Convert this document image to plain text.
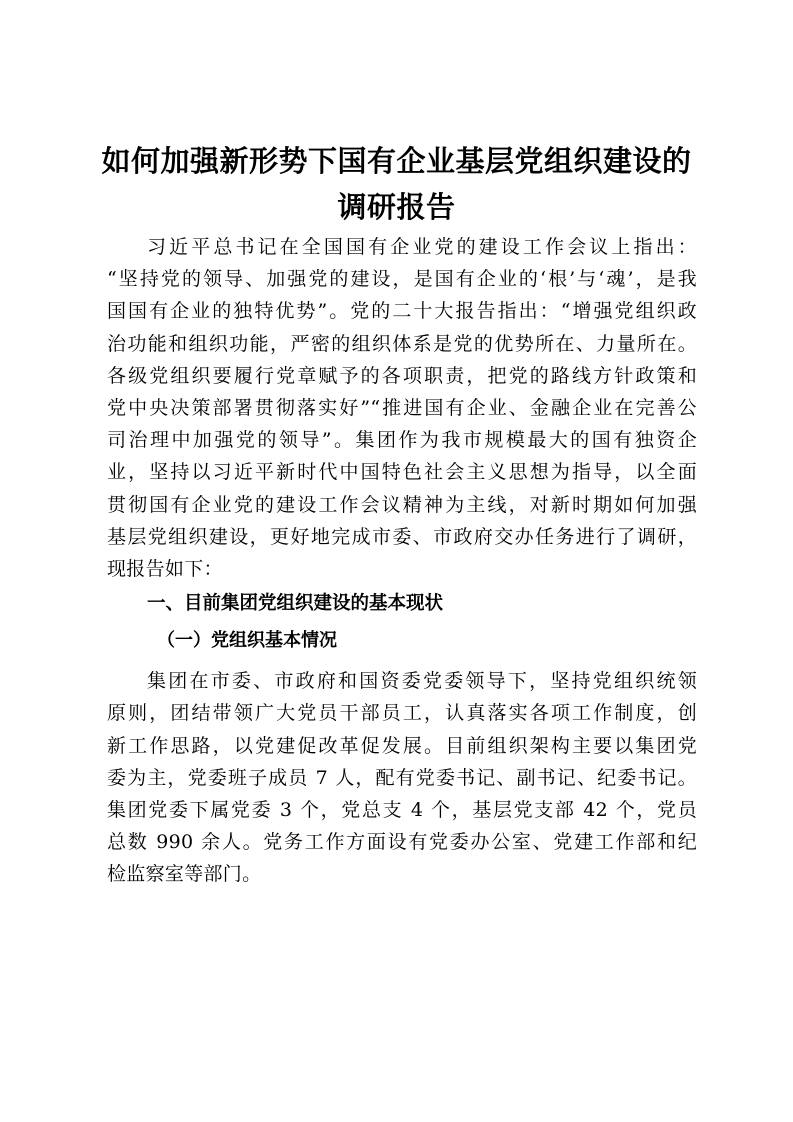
如何加强新形势下国有企业基层党组织建设的
调研报告

习近平总书记在全国国有企业党的建设工作会议上指出：
“坚持党的领导、加强党的建设，是国有企业的‘根’与‘魂’，是我
国国有企业的独特优势”。党的二十大报告指出：“增强党组织政
治功能和组织功能，严密的组织体系是党的优势所在、力量所在。
各级党组织要履行党章赋予的各项职责，把党的路线方针政策和
党中央决策部署贯彻落实好”“推进国有企业、金融企业在完善公
司治理中加强党的领导”。集团作为我市规模最大的国有独资企
业，坚持以习近平新时代中国特色社会主义思想为指导，以全面
贯彻国有企业党的建设工作会议精神为主线，对新时期如何加强
基层党组织建设，更好地完成市委、市政府交办任务进行了调研，
现报告如下：

一、目前集团党组织建设的基本现状
（一）党组织基本情况

集团在市委、市政府和国资委党委领导下，坚持党组织统领
原则，团结带领广大党员干部员工，认真落实各项工作制度，创
新工作思路，以党建促改革促发展。目前组织架构主要以集团党
委为主，党委班子成员 7 人，配有党委书记、副书记、纪委书记。
集团党委下属党委 3 个，党总支 4 个，基层党支部 42 个，党员
总数 990 余人。党务工作方面设有党委办公室、党建工作部和纪
检监察室等部门。
